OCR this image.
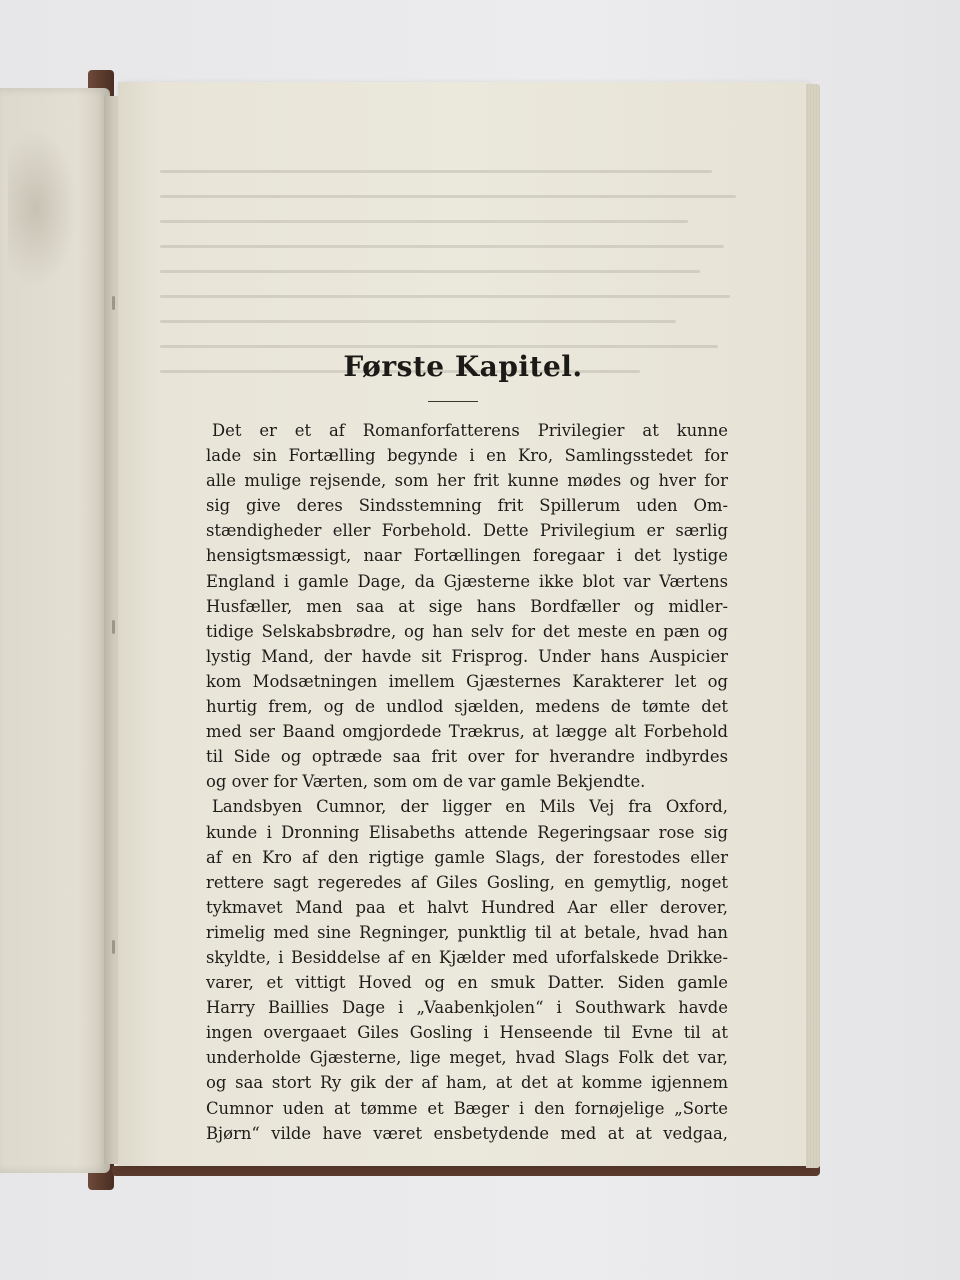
Første Kapitel.
Det er et af Romanforfatterens Privilegier at kunne
lade sin Fortælling begynde i en Kro, Samlingsstedet for
alle mulige rejsende, som her frit kunne mødes og hver for
sig give deres Sindsstemning frit Spillerum uden Om-
stændigheder eller Forbehold. Dette Privilegium er særlig
hensigtsmæssigt, naar Fortællingen foregaar i det lystige
England i gamle Dage, da Gjæsterne ikke blot var Værtens
Husfæller, men saa at sige hans Bordfæller og midler-
tidige Selskabsbrødre, og han selv for det meste en pæn og
lystig Mand, der havde sit Frisprog. Under hans Auspicier
kom Modsætningen imellem Gjæsternes Karakterer let og
hurtig frem, og de undlod sjælden, medens de tømte det
med ser Baand omgjordede Trækrus, at lægge alt Forbehold
til Side og optræde saa frit over for hverandre indbyrdes
og over for Værten, som om de var gamle Bekjendte.
Landsbyen Cumnor, der ligger en Mils Vej fra Oxford,
kunde i Dronning Elisabeths attende Regeringsaar rose sig
af en Kro af den rigtige gamle Slags, der forestodes eller
rettere sagt regeredes af Giles Gosling, en gemytlig, noget
tykmavet Mand paa et halvt Hundred Aar eller derover,
rimelig med sine Regninger, punktlig til at betale, hvad han
skyldte, i Besiddelse af en Kjælder med uforfalskede Drikke-
varer, et vittigt Hoved og en smuk Datter. Siden gamle
Harry Baillies Dage i „Vaabenkjolen“ i Southwark havde
ingen overgaaet Giles Gosling i Henseende til Evne til at
underholde Gjæsterne, lige meget, hvad Slags Folk det var,
og saa stort Ry gik der af ham, at det at komme igjennem
Cumnor uden at tømme et Bæger i den fornøjelige „Sorte
Bjørn“ vilde have været ensbetydende med at at vedgaa,
